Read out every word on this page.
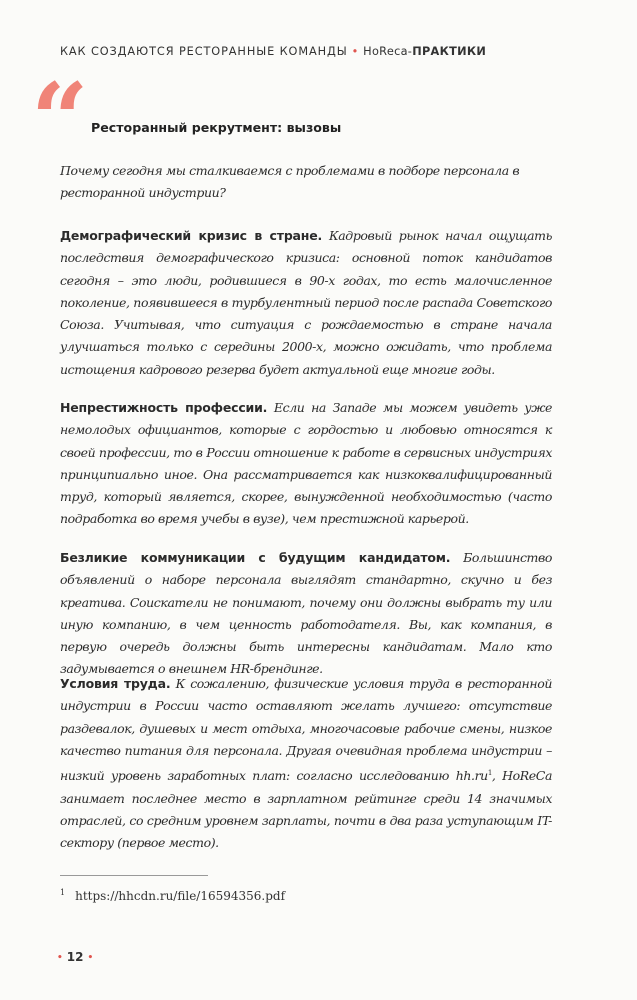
КАК СОЗДАЮТСЯ РЕСТОРАННЫЕ КОМАНДЫ • HoReca-ПРАКТИКИ
“ Ресторанный рекрутмент: вызовы
Почему сегодня мы сталкиваемся с проблемами в подборе персонала в ресторанной индустрии?
Демографический кризис в стране. Кадровый рынок начал ощущать последствия демографического кризиса: основной поток кандидатов сегодня – это люди, родившиеся в 90-х годах, то есть малочисленное поколение, появившееся в турбулентный период после распада Советского Союза. Учитывая, что ситуация с рождаемостью в стране начала улучшаться только с середины 2000-х, можно ожидать, что проблема истощения кадрового резерва будет актуальной еще многие годы.
Непрестижность профессии. Если на Западе мы можем увидеть уже немолодых официантов, которые с гордостью и любовью относятся к своей профессии, то в России отношение к работе в сервисных индустриях принципиально иное. Она рассматривается как низкоквалифицированный труд, который является, скорее, вынужденной необходимостью (часто подработка во время учебы в вузе), чем престижной карьерой.
Безликие коммуникации с будущим кандидатом. Большинство объявлений о наборе персонала выглядят стандартно, скучно и без креатива. Соискатели не понимают, почему они должны выбрать ту или иную компанию, в чем ценность работодателя. Вы, как компания, в первую очередь должны быть интересны кандидатам. Мало кто задумывается о внешнем HR-брендинге.
Условия труда. К сожалению, физические условия труда в ресторанной индустрии в России часто оставляют желать лучшего: отсутствие раздевалок, душевых и мест отдыха, многочасовые рабочие смены, низкое качество питания для персонала. Другая очевидная проблема индустрии – низкий уровень заработных плат: согласно исследованию $hh.ru^1$, HoReCa занимает последнее место в зарплатном рейтинге среди 14 значимых отраслей, со средним уровнем зарплаты, почти в два раза уступающим IT-сектору (первое место).
$^1$ https://hhcdn.ru/file/16594356.pdf
• 12 •
